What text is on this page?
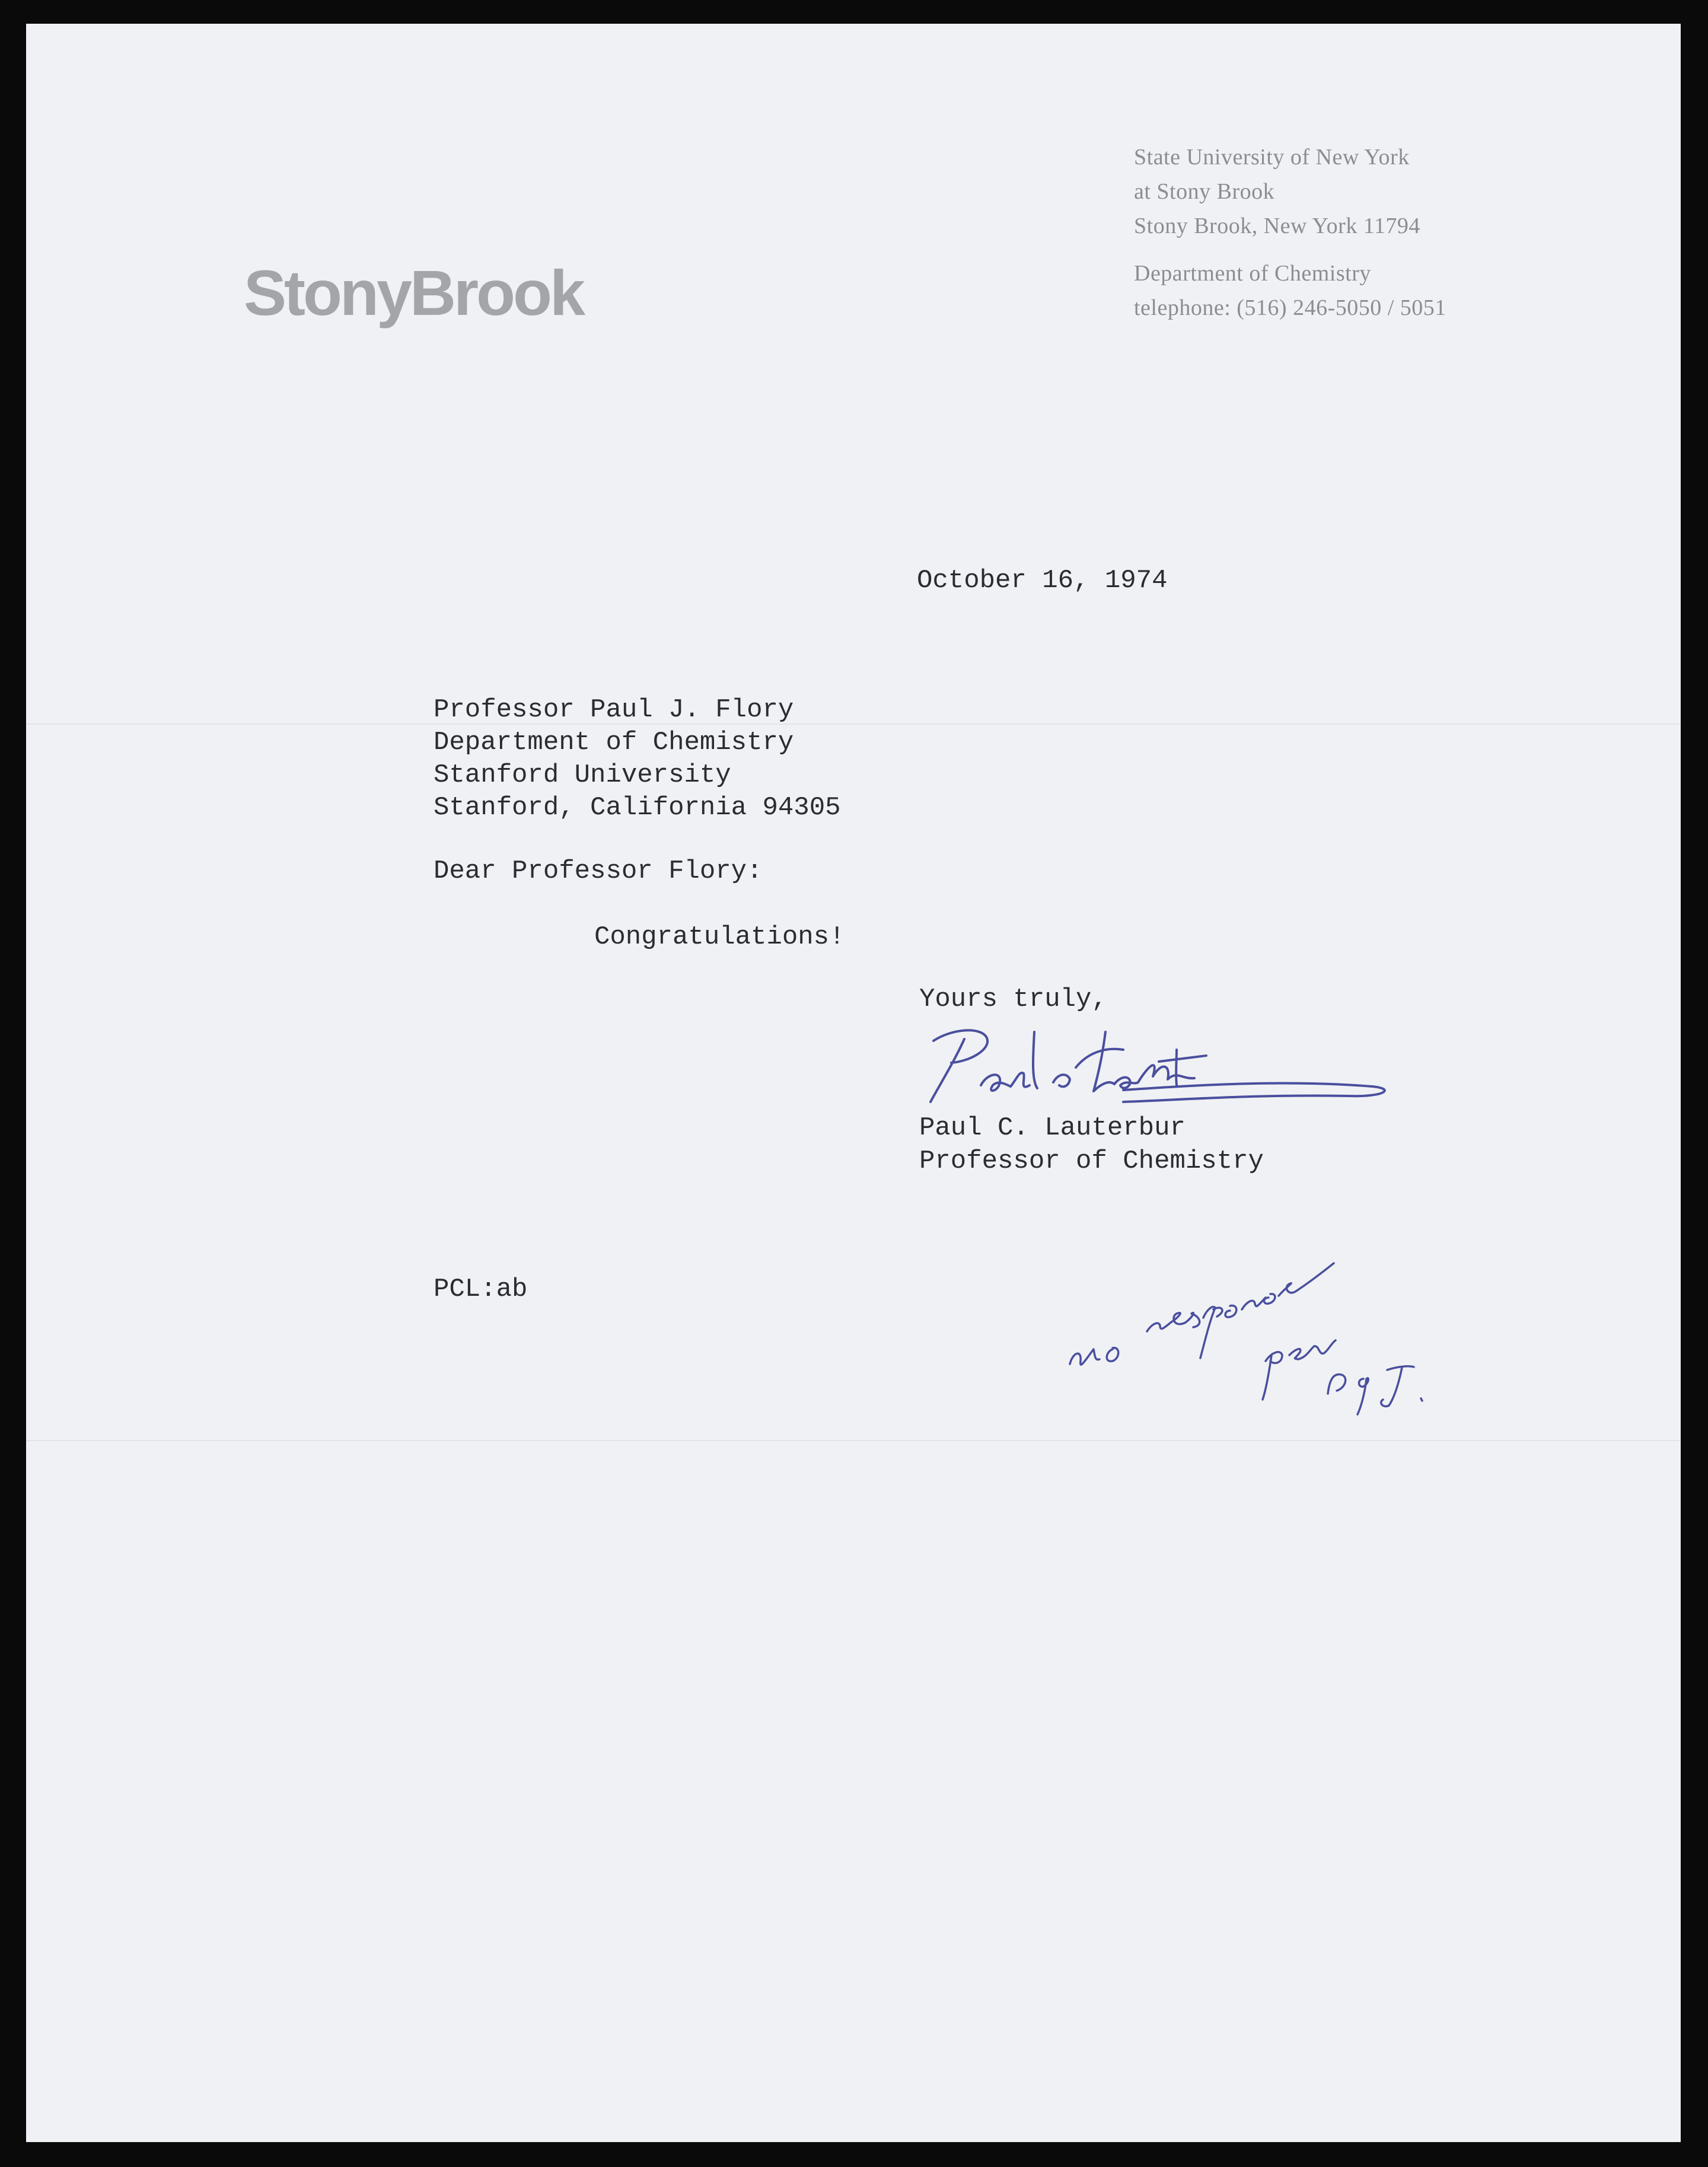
StonyBrook
State University of New York
at Stony Brook
Stony Brook, New York 11794
Department of Chemistry
telephone: (516) 246-5050 / 5051
October 16, 1974
Professor Paul J. Flory
Department of Chemistry
Stanford University
Stanford, California 94305
Dear Professor Flory:
Congratulations!
Yours truly,
Paul C. Lauterbur
Professor of Chemistry
PCL:ab
